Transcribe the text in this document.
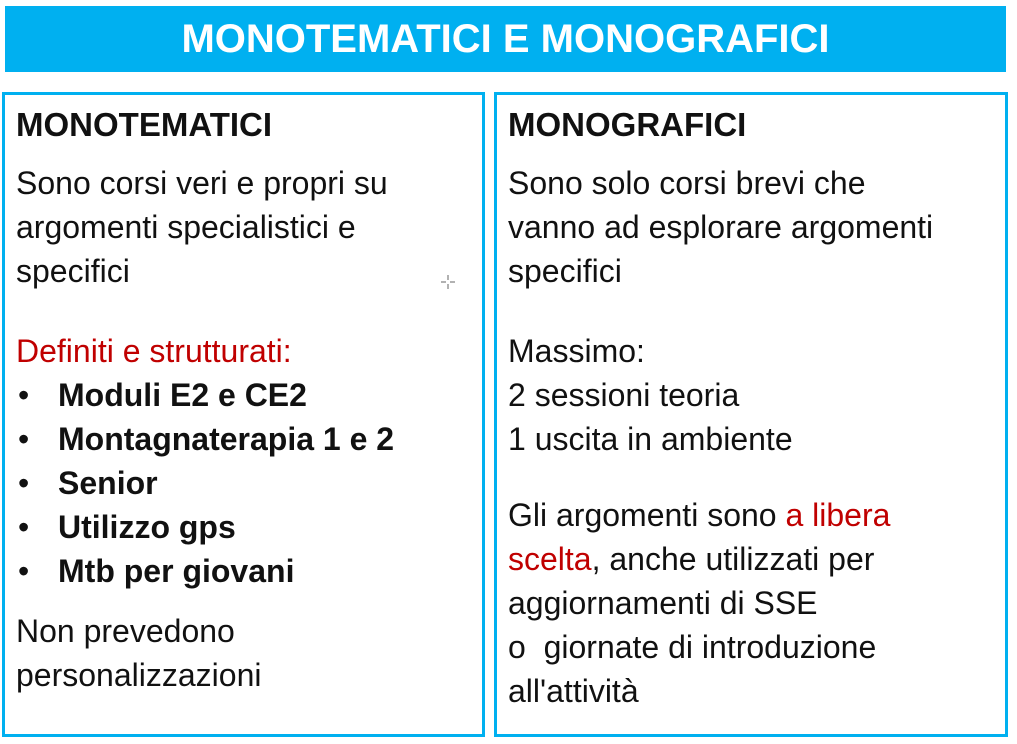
MONOTEMATICI E MONOGRAFICI
MONOTEMATICI

Sono corsi veri e propri su
argomenti specialistici e
specifici

Definiti e strutturati:

• Moduli E2 e CE2
• Montagnaterapia 1 e 2
• Senior
• Utilizzo gps
• Mtb per giovani

Non prevedono
personalizzazioni

MONOGRAFICI

Sono solo corsi brevi che
vanno ad esplorare argomenti
specifici

Massimo:
2 sessioni teoria
1 uscita in ambiente

Gli argomenti sono a libera
scelta, anche utilizzati per
aggiornamenti di SSE
o  giornate di introduzione
all'attività
